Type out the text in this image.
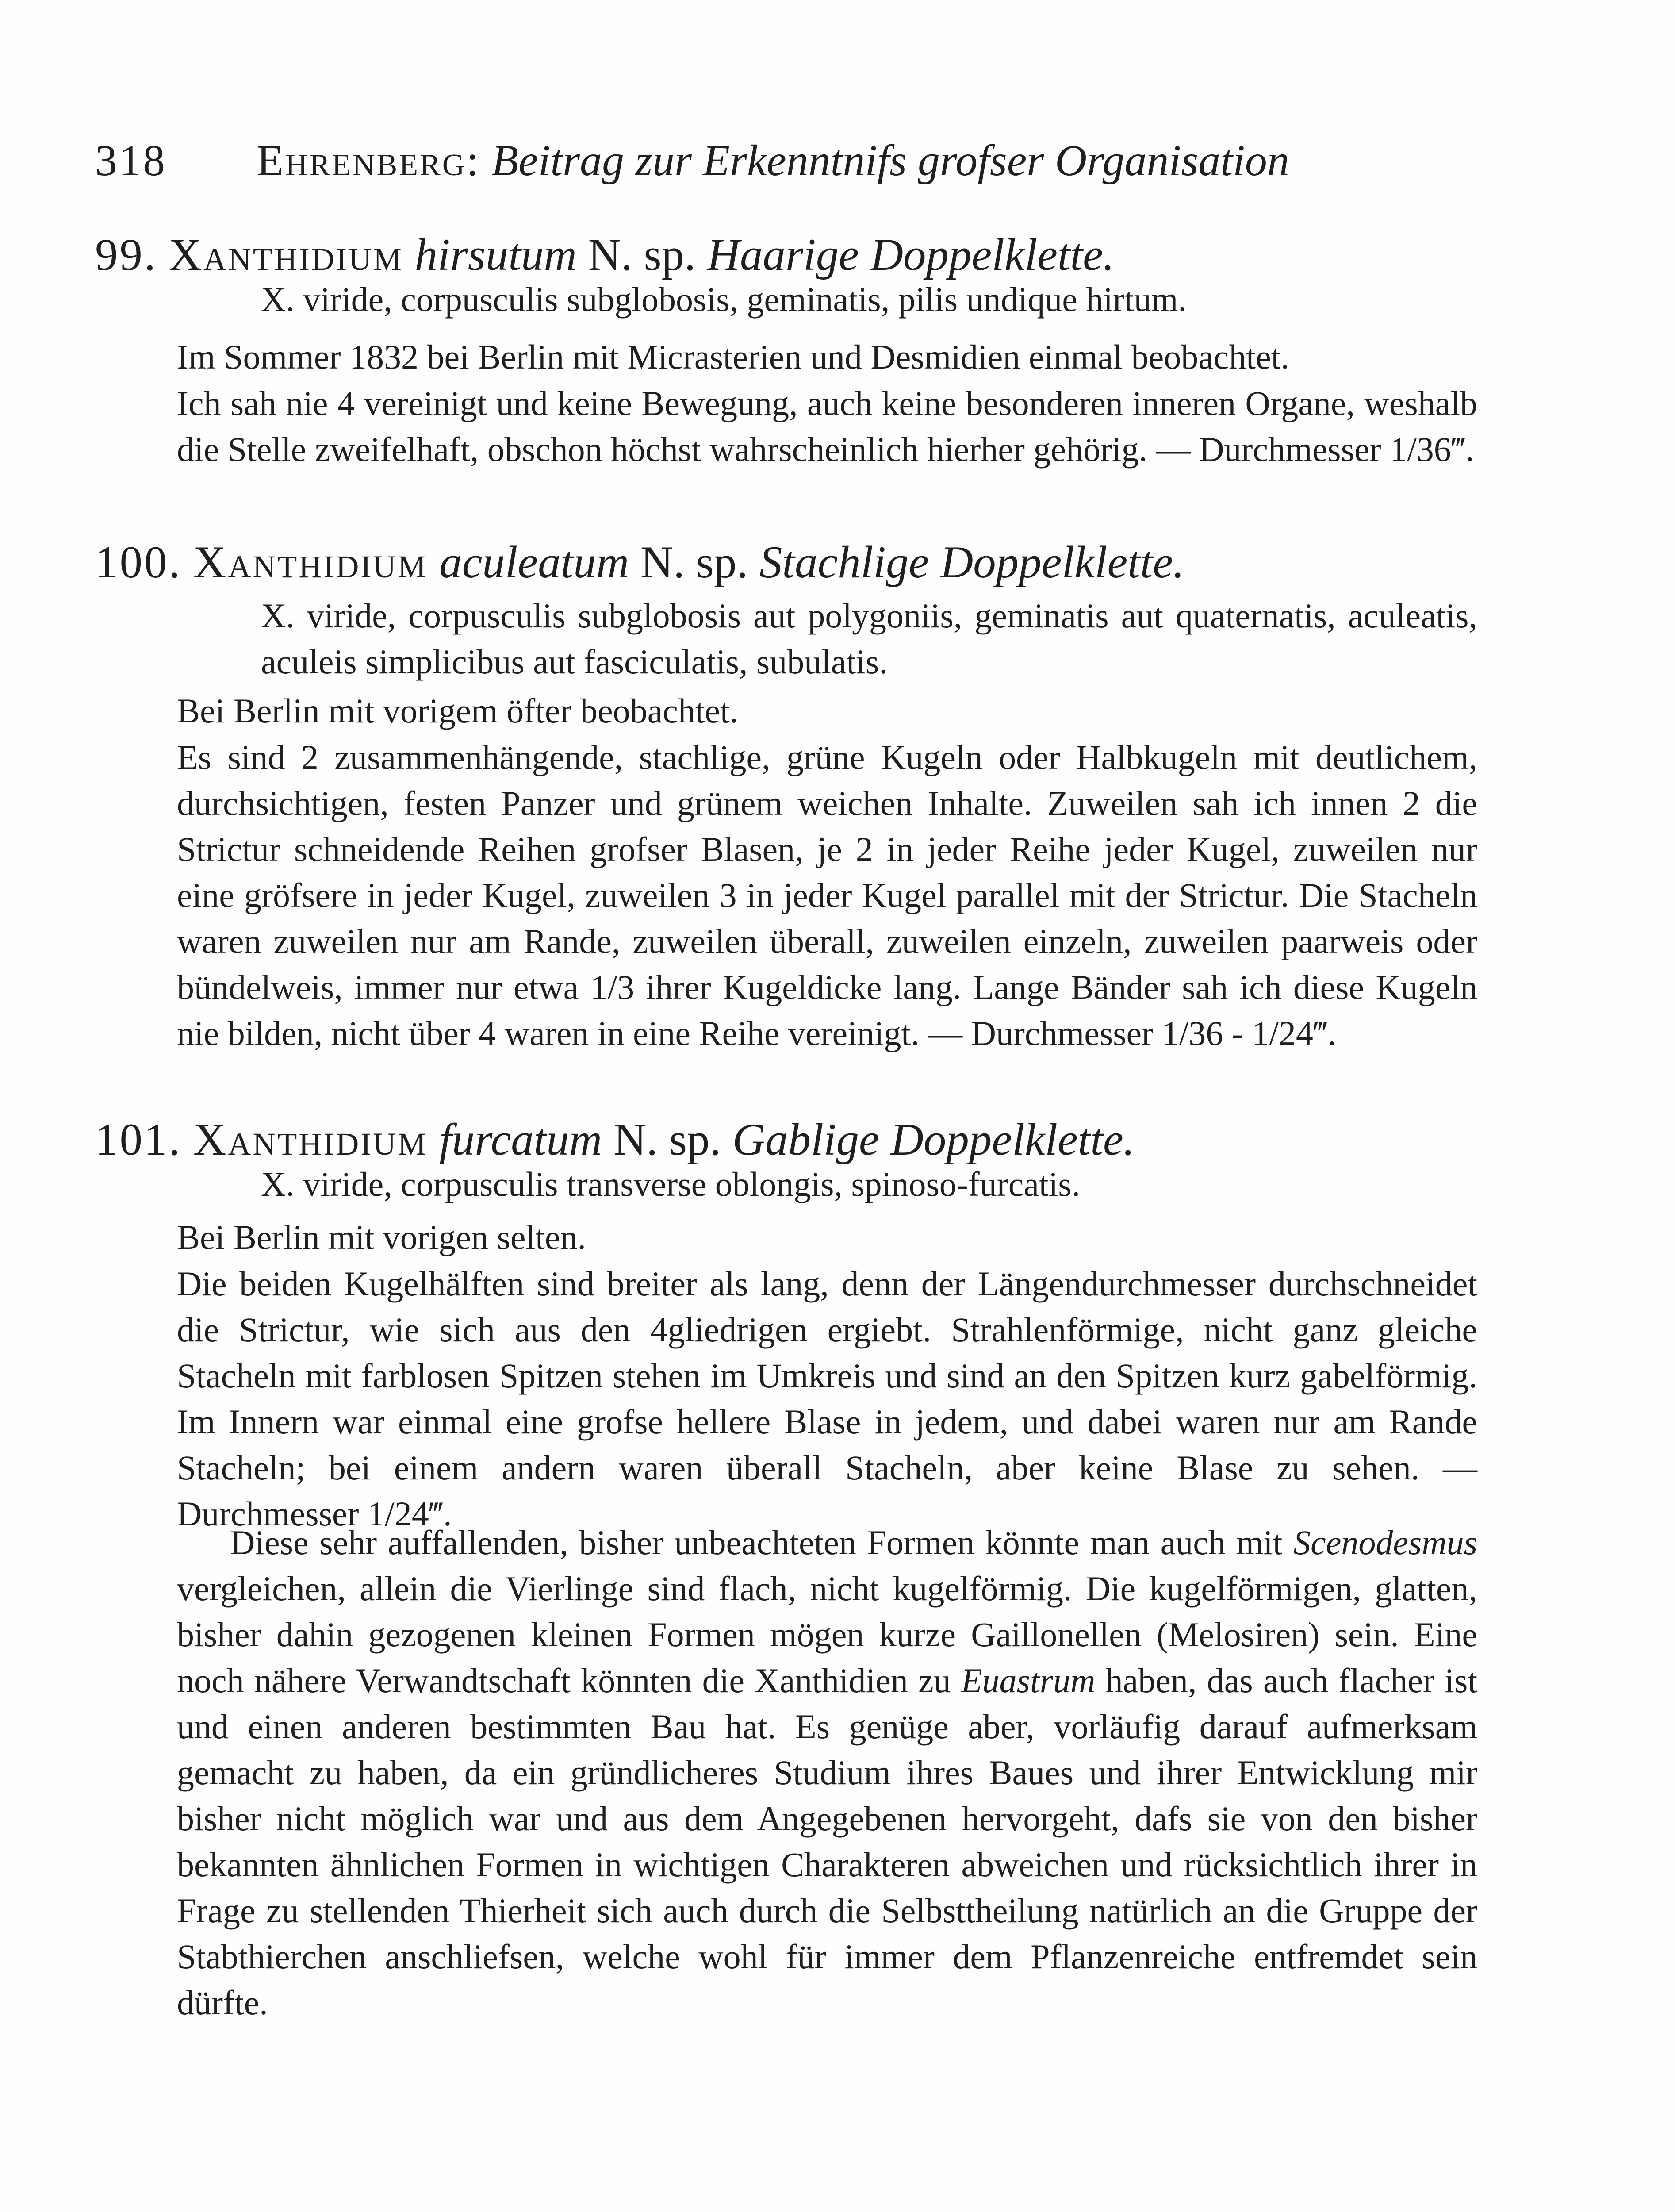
318 Ehrenberg: Beitrag zur Erkenntnifs grofser Organisation
99. Xanthidium hirsutum N. sp. Haarige Doppelklette.
X. viride, corpusculis subglobosis, geminatis, pilis undique hirtum.
Im Sommer 1832 bei Berlin mit Micrasterien und Desmidien einmal beobachtet.
Ich sah nie 4 vereinigt und keine Bewegung, auch keine besonderen inneren Organe, weshalb die Stelle zweifelhaft, obschon höchst wahrscheinlich hierher gehörig. — Durchmesser 1/36‴.
100. Xanthidium aculeatum N. sp. Stachlige Doppelklette.
X. viride, corpusculis subglobosis aut polygoniis, geminatis aut quaternatis, aculeatis, aculeis simplicibus aut fasciculatis, subulatis.
Bei Berlin mit vorigem öfter beobachtet.
Es sind 2 zusammenhängende, stachlige, grüne Kugeln oder Halbkugeln mit deutlichem, durchsichtigen, festen Panzer und grünem weichen Inhalte. Zuweilen sah ich innen 2 die Strictur schneidende Reihen grofser Blasen, je 2 in jeder Reihe jeder Kugel, zuweilen nur eine gröfsere in jeder Kugel, zuweilen 3 in jeder Kugel parallel mit der Strictur. Die Stacheln waren zuweilen nur am Rande, zuweilen überall, zuweilen einzeln, zuweilen paarweis oder bündelweis, immer nur etwa 1/3 ihrer Kugeldicke lang. Lange Bänder sah ich diese Kugeln nie bilden, nicht über 4 waren in eine Reihe vereinigt. — Durchmesser 1/36 - 1/24‴.
101. Xanthidium furcatum N. sp. Gablige Doppelklette.
X. viride, corpusculis transverse oblongis, spinoso-furcatis.
Bei Berlin mit vorigen selten.
Die beiden Kugelhälften sind breiter als lang, denn der Längendurchmesser durchschneidet die Strictur, wie sich aus den 4gliedrigen ergiebt. Strahlenförmige, nicht ganz gleiche Stacheln mit farblosen Spitzen stehen im Umkreis und sind an den Spitzen kurz gabelförmig. Im Innern war einmal eine grofse hellere Blase in jedem, und dabei waren nur am Rande Stacheln; bei einem andern waren überall Stacheln, aber keine Blase zu sehen. — Durchmesser 1/24‴.
Diese sehr auffallenden, bisher unbeachteten Formen könnte man auch mit Scenodesmus vergleichen, allein die Vierlinge sind flach, nicht kugelförmig. Die kugelförmigen, glatten, bisher dahin gezogenen kleinen Formen mögen kurze Gaillonellen (Melosiren) sein. Eine noch nähere Verwandtschaft könnten die Xanthidien zu Euastrum haben, das auch flacher ist und einen anderen bestimmten Bau hat. Es genüge aber, vorläufig darauf aufmerksam gemacht zu haben, da ein gründlicheres Studium ihres Baues und ihrer Entwicklung mir bisher nicht möglich war und aus dem Angegebenen hervorgeht, dafs sie von den bisher bekannten ähnlichen Formen in wichtigen Charakteren abweichen und rücksichtlich ihrer in Frage zu stellenden Thierheit sich auch durch die Selbsttheilung natürlich an die Gruppe der Stabthierchen anschliefsen, welche wohl für immer dem Pflanzenreiche entfremdet sein dürfte.
